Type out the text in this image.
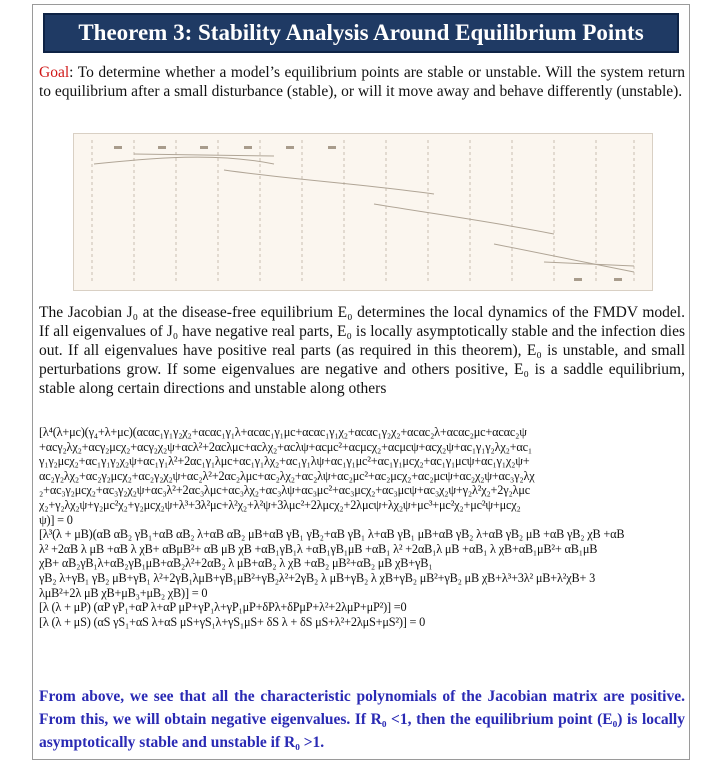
Theorem 3: Stability Analysis Around Equilibrium Points

Goal: To determine whether a model’s equilibrium points are stable or unstable. Will the system return to equilibrium after a small disturbance (stable), or will it move away and behave differently (unstable).

The Jacobian J₀ at the disease-free equilibrium E₀ determines the local dynamics of the FMDV model. If all eigenvalues of J₀ have negative real parts, E₀ is locally asymptotically stable and the infection dies out. If all eigenvalues have positive real parts (as required in this theorem), E₀ is unstable, and small perturbations grow. If some eigenvalues are negative and others positive, E₀ is a saddle equilibrium, stable along certain directions and unstable along others

[λ⁴(λ+μc)(γ₄+λ+μc)(αcαc₁γ₁γ₂χ₂+αcαc₁γ₁λ+αcαc₁γ₁μc+αcαc₁γ₁χ₂+αcαc₁γ₂χ₂+αcαc₂λ+αcαc₂μc+αcαc₂ψ
+αcγ₂λχ₂+αcγ₂μcχ₂+αcγ₂χ₂ψ+αcλ²+2αcλμc+αcλχ₂+αcλψ+αcμc²+αcμcχ₂+αcμcψ+αcχ₂ψ+αc₁γ₁γ₂λχ₂+αc₁
γ₁γ₂μcχ₂+αc₁γ₁γ₂χ₂ψ+αc₁γ₁λ²+2αc₁γ₁λμc+αc₁γ₁λχ₂+αc₁γ₁λψ+αc₁γ₁μc²+αc₁γ₁μcχ₂+αc₁γ₁μcψ+αc₁γ₁χ₂ψ+
αc₂γ₂λχ₂+αc₂γ₂μcχ₂+αc₂γ₂χ₂ψ+αc₂λ²+2αc₂λμc+αc₂λχ₂+αc₂λψ+αc₂μc²+αc₂μcχ₂+αc₂μcψ+αc₂χ₂ψ+αc₃γ₂λχ
₂+αc₃γ₂μcχ₂+αc₃γ₂χ₂ψ+αc₃λ²+2αc₃λμc+αc₃λχ₂+αc₃λψ+αc₃μc²+αc₃μcχ₂+αc₃μcψ+αc₃χ₂ψ+γ₂λ²χ₂+2γ₂λμc
χ₂+γ₂λχ₂ψ+γ₂μc²χ₂+γ₂μcχ₂ψ+λ³+3λ²μc+λ²χ₂+λ²ψ+3λμc²+2λμcχ₂+2λμcψ+λχ₂ψ+μc³+μc²χ₂+μc²ψ+μcχ₂
ψ)] = 0
[λ³(λ + μB)(αB αB₂ γB₁+αB αB₂ λ+αB αB₂ μB+αB γB₁ γB₂+αB γB₁ λ+αB γB₁ μB+αB γB₂ λ+αB γB₂ μB +αB γB₂ χB +αB
λ² +2αB λ μB +αB λ χB+ αBμB²+ αB μB χB +αB₁γB₁λ +αB₁γB₁μB +αB₁ λ² +2αB₁λ μB +αB₁ λ χB+αB₁μB²+ αB₁μB
χB+ αB₂γB₁λ+αB₂γB₁μB+αB₂λ²+2αB₂ λ μB+αB₂ λ χB +αB₂ μB²+αB₂ μB χB+γB₁
γB₂ λ+γB₁ γB₂ μB+γB₁ λ²+2γB₁λμB+γB₁μB²+γB₂λ²+2γB₂ λ μB+γB₂ λ χB+γB₂ μB²+γB₂ μB χB+λ³+3λ² μB+λ²χB+ 3
λμB²+2λ μB χB+μB₃+μB₂ χB)] = 0
[λ (λ + μP) (αP γP₁+αP λ+αP μP+γP₁λ+γP₁μP+δPλ+δPμP+λ²+2λμP+μP²)] =0
[λ (λ + μS) (αS γS₁+αS λ+αS μS+γS₁λ+γS₁μS+ δS λ + δS μS+λ²+2λμS+μS²)] = 0

From above, we see that all the characteristic polynomials of the Jacobian matrix are positive. From this, we will obtain negative eigenvalues. If R₀ <1, then the equilibrium point (E₀) is locally asymptotically stable and unstable if R₀ >1.
